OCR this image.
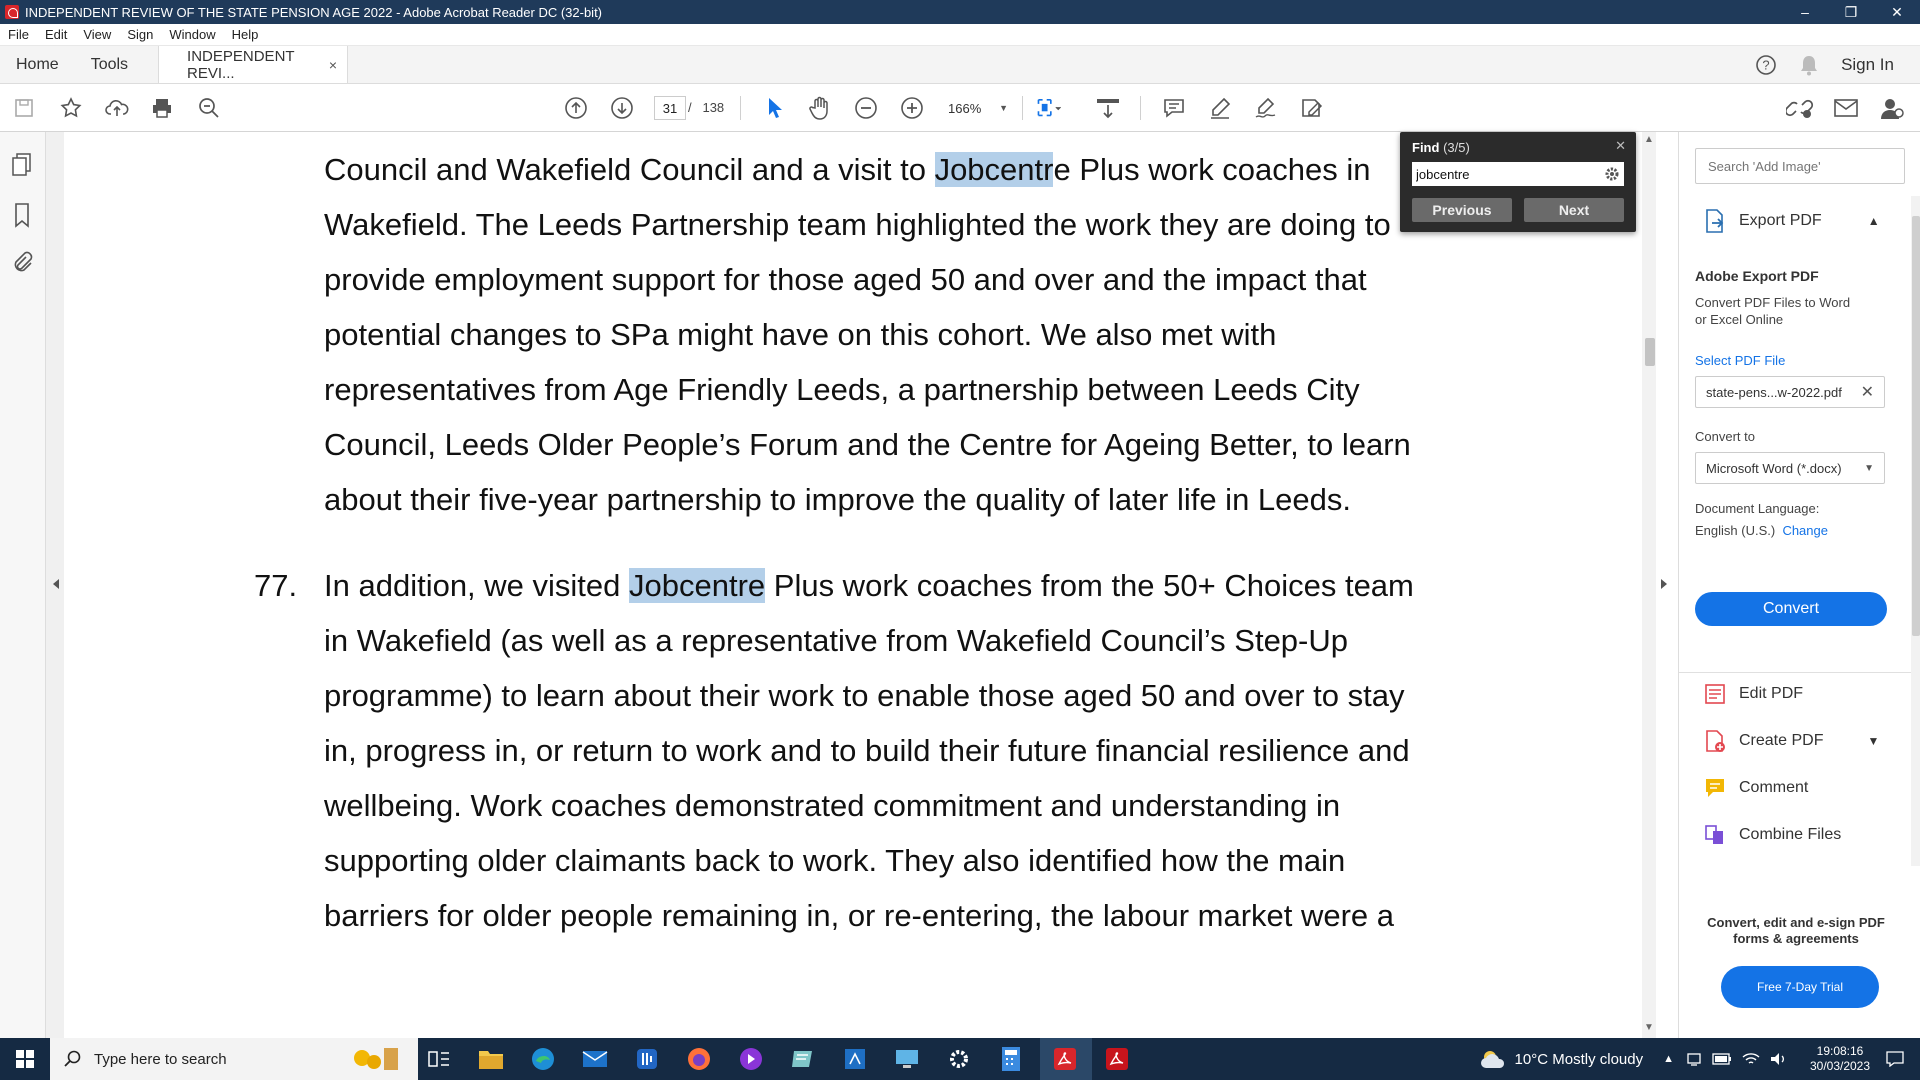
INDEPENDENT REVIEW OF THE STATE PENSION AGE 2022 - Adobe Acrobat Reader DC (32-bit)	–	❐	✕
File	Edit	View	Sign	Window	Help
Home	Tools	INDEPENDENT REVI...	×	?	Sign In
31 / 138	166% ▼
Council and Wakefield Council and a visit to Jobcentre Plus work coaches in
Wakefield. The Leeds Partnership team highlighted the work they are doing to
provide employment support for those aged 50 and over and the impact that
potential changes to SPa might have on this cohort. We also met with
representatives from Age Friendly Leeds, a partnership between Leeds City
Council, Leeds Older People’s Forum and the Centre for Ageing Better, to learn
about their five-year partnership to improve the quality of later life in Leeds.
77. In addition, we visited Jobcentre Plus work coaches from the 50+ Choices team
in Wakefield (as well as a representative from Wakefield Council’s Step-Up
programme) to learn about their work to enable those aged 50 and over to stay
in, progress in, or return to work and to build their future financial resilience and
wellbeing. Work coaches demonstrated commitment and understanding in
supporting older claimants back to work. They also identified how the main
barriers for older people remaining in, or re-entering, the labour market were a
Find (3/5)	✕
jobcentre
Previous	Next
▲
▼
Search 'Add Image'
Export PDF	▲
Adobe Export PDF
Convert PDF Files to Word
or Excel Online
Select PDF File
state-pens...w-2022.pdf ✕
Convert to
Microsoft Word (*.docx) ▼
Document Language:
English (U.S.) Change
Convert
Edit PDF
Create PDF	▼
Comment
Combine Files
Convert, edit and e-sign PDF
forms & agreements
Free 7-Day Trial
Type here to search	10°C Mostly cloudy ▲
19:08:16
30/03/2023
